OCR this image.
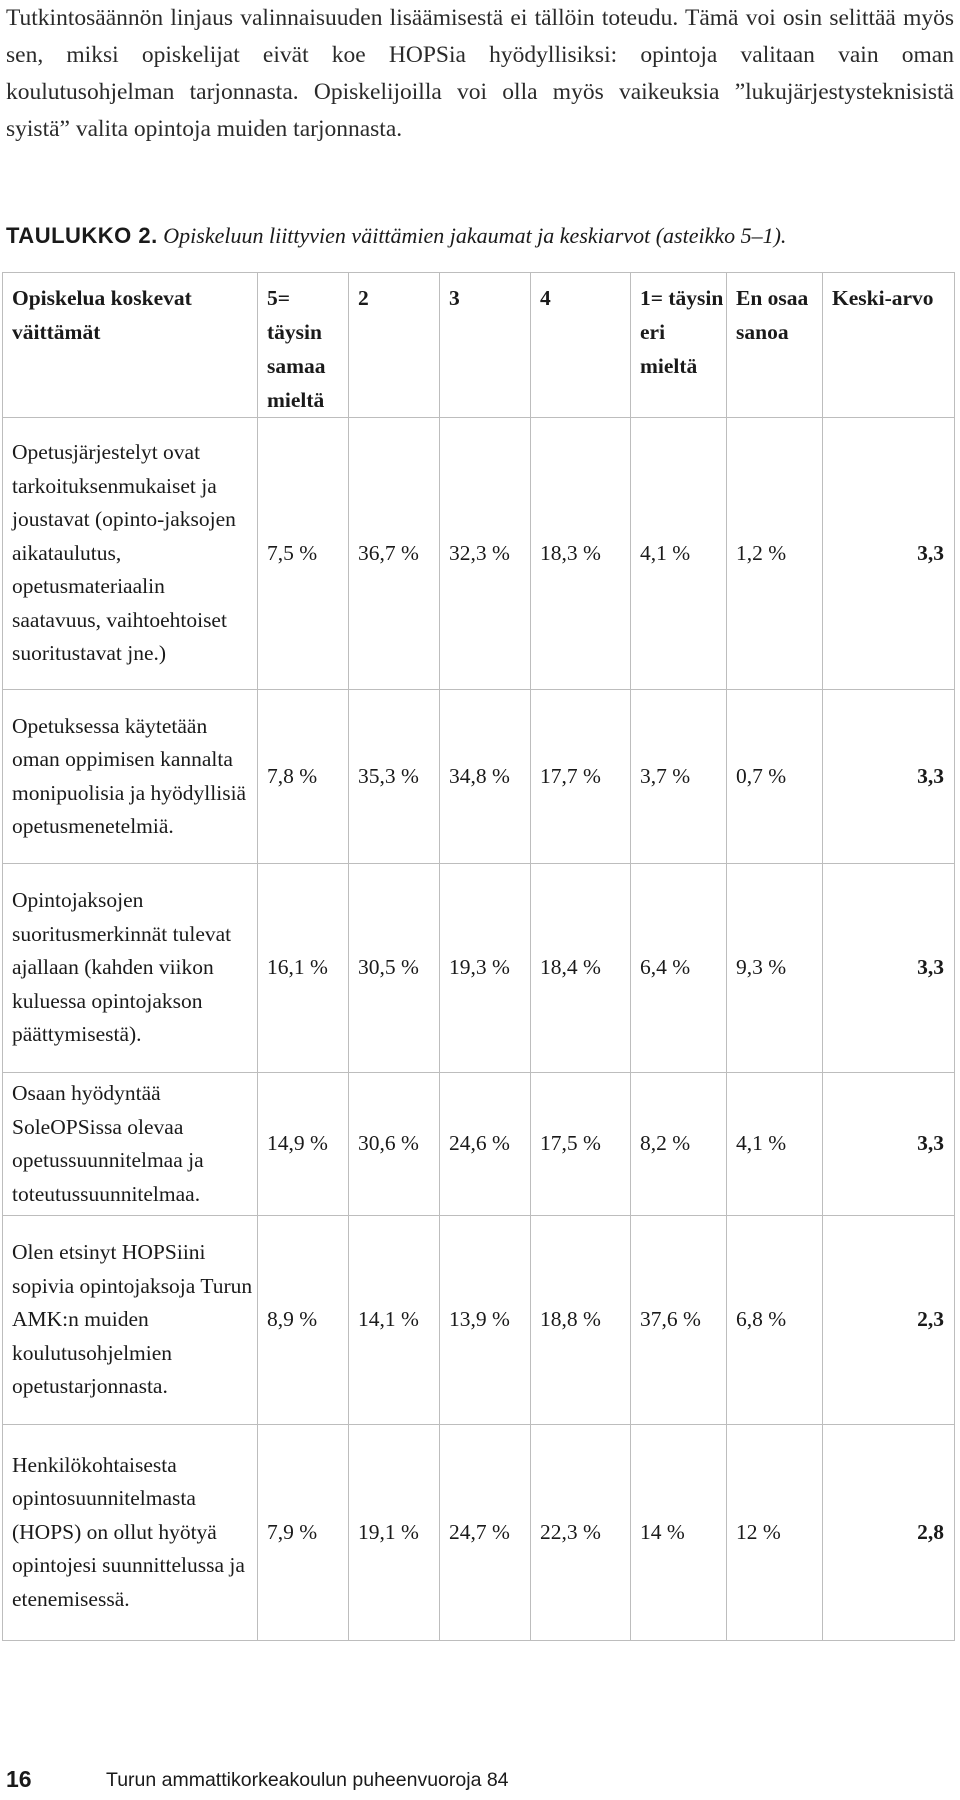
Tutkintosäännön linjaus valinnaisuuden lisäämisestä ei tällöin toteudu. Tämä voi osin selittää myös sen, miksi opiskelijat eivät koe HOPSia hyödyllisiksi: opintoja valitaan vain oman koulutusohjelman tarjonnasta. Opiskelijoilla voi olla myös vaikeuksia ”lukujärjestysteknisistä syistä” valita opintoja muiden tarjonnasta.

TAULUKKO 2. Opiskeluun liittyvien väittämien jakaumat ja keskiarvot (asteikko 5–1).

Opiskelua koskevat väittämät	5= täysin samaa mieltä	2	3	4	1= täysin eri mieltä	En osaa sanoa	Keski-arvo
Opetusjärjestelyt ovat tarkoituksenmukaiset ja joustavat (opinto-jaksojen aikataulutus, opetusmateriaalin saatavuus, vaihtoehtoiset suoritustavat jne.)	7,5 %	36,7 %	32,3 %	18,3 %	4,1 %	1,2 %	3,3
Opetuksessa käytetään oman oppimisen kannalta monipuolisia ja hyödyllisiä opetusmenetelmiä.	7,8 %	35,3 %	34,8 %	17,7 %	3,7 %	0,7 %	3,3
Opintojaksojen suoritusmerkinnät tulevat ajallaan (kahden viikon kuluessa opintojakson päättymisestä).	16,1 %	30,5 %	19,3 %	18,4 %	6,4 %	9,3 %	3,3
Osaan hyödyntää SoleOPSissa olevaa opetussuunnitelmaa ja toteutussuunnitelmaa.	14,9 %	30,6 %	24,6 %	17,5 %	8,2 %	4,1 %	3,3
Olen etsinyt HOPSiini sopivia opintojaksoja Turun AMK:n muiden koulutusohjelmien opetustarjonnasta.	8,9 %	14,1 %	13,9 %	18,8 %	37,6 %	6,8 %	2,3
Henkilökohtaisesta opintosuunnitelmasta (HOPS) on ollut hyötyä opintojesi suunnittelussa ja etenemisessä.	7,9 %	19,1 %	24,7 %	22,3 %	14 %	12 %	2,8
16	Turun ammattikorkeakoulun puheenvuoroja 84
